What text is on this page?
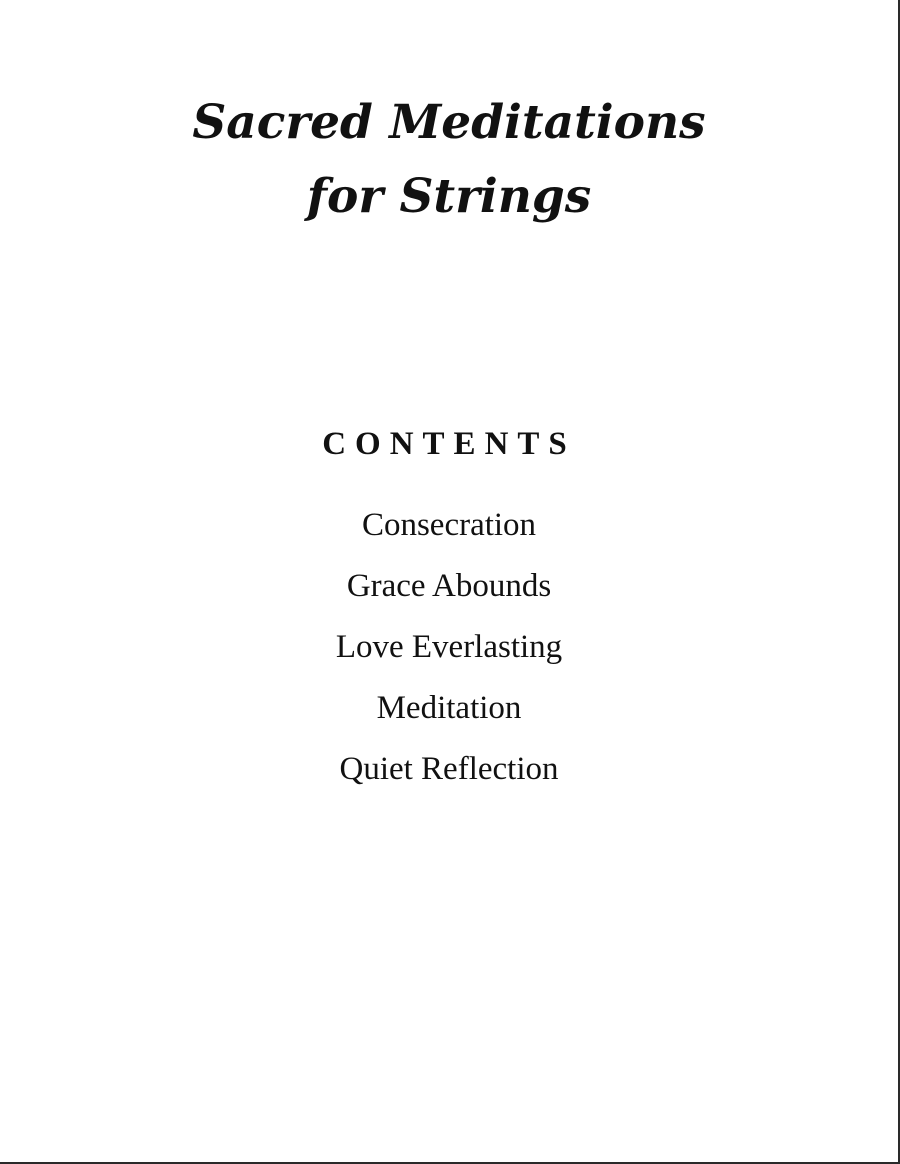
Sacred Meditations
for Strings
CONTENTS
Consecration
Grace Abounds
Love Everlasting
Meditation
Quiet Reflection
